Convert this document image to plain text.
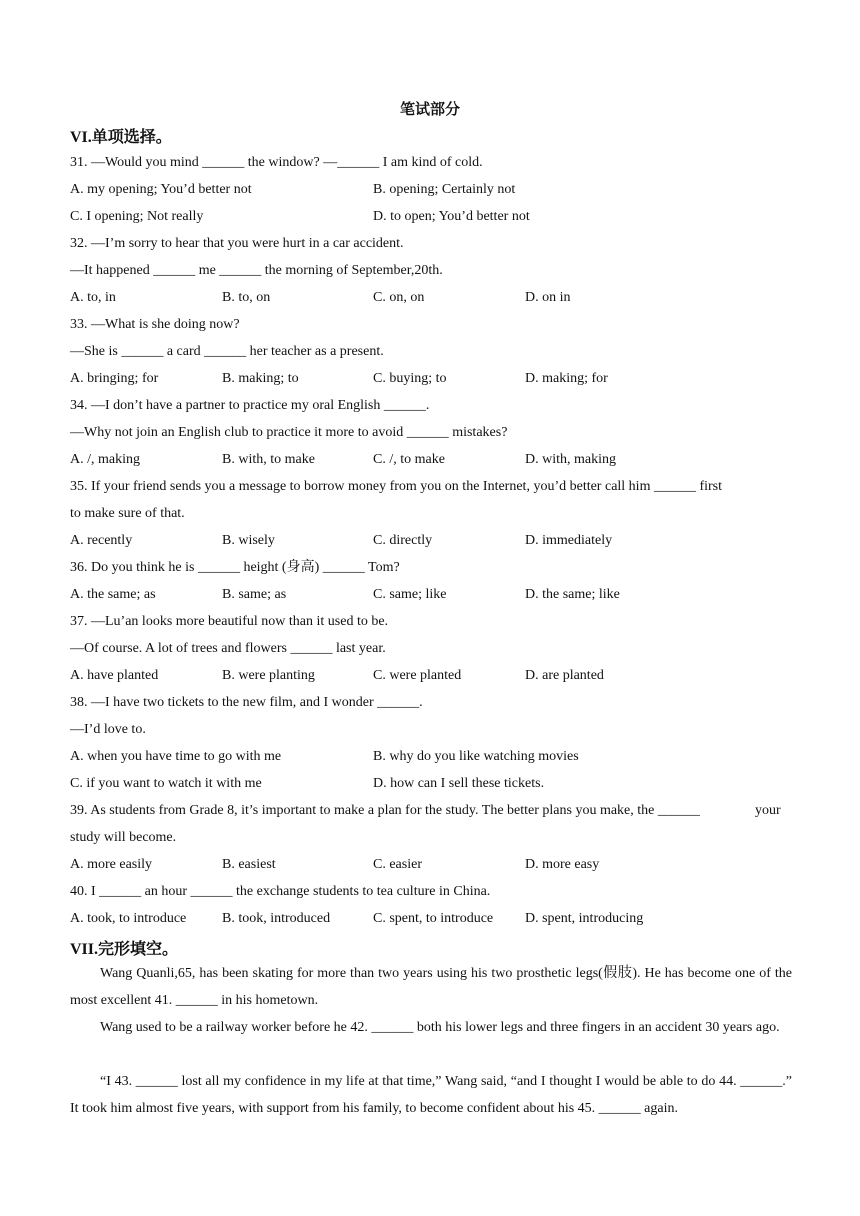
笔试部分
VI.单项选择。
31. —Would you mind ______ the window? —______ I am kind of cold.
A. my opening; You’d better not	B. opening; Certainly not
C. I opening; Not really	D. to open; You’d better not
32. —I’m sorry to hear that you were hurt in a car accident.
—It happened ______ me ______ the morning of September,20th.
A. to, in	B. to, on	C. on, on	D. on in
33. —What is she doing now?
—She is ______ a card ______ her teacher as a present.
A. bringing; for	B. making; to	C. buying; to	D. making; for
34. —I don’t have a partner to practice my oral English ______.
—Why not join an English club to practice it more to avoid ______ mistakes?
A. /, making	B. with, to make	C. /, to make	D. with, making
35. If your friend sends you a message to borrow money from you on the Internet, you’d better call him ______ first
to make sure of that.
A. recently	B. wisely	C. directly	D. immediately
36. Do you think he is ______ height (身高) ______ Tom?
A. the same; as	B. same; as	C. same; like	D. the same; like
37. —Lu’an looks more beautiful now than it used to be.
—Of course. A lot of trees and flowers ______ last year.
A. have planted	B. were planting	C. were planted	D. are planted
38. —I have two tickets to the new film, and I wonder ______.
—I’d love to.
A. when you have time to go with me	B. why do you like watching movies
C. if you want to watch it with me	D. how can I sell these tickets.
39. As students from Grade 8, it’s important to make a plan for the study. The better plans you make, the ______	your
study will become.
A. more easily	B. easiest	C. easier	D. more easy
40. I ______ an hour ______ the exchange students to tea culture in China.
A. took, to introduce	B. took, introduced	C. spent, to introduce D. spent, introducing
VII.完形填空。
Wang Quanli,65, has been skating for more than two years using his two prosthetic legs(假肢). He has become one of the most excellent 41. ______ in his hometown.
Wang used to be a railway worker before he 42. ______ both his lower legs and three fingers in an accident 30 years ago.
“I 43. ______ lost all my confidence in my life at that time,” Wang said, “and I thought I would be able to do 44. ______.” It took him almost five years, with support from his family, to become confident about his 45. ______ again.
